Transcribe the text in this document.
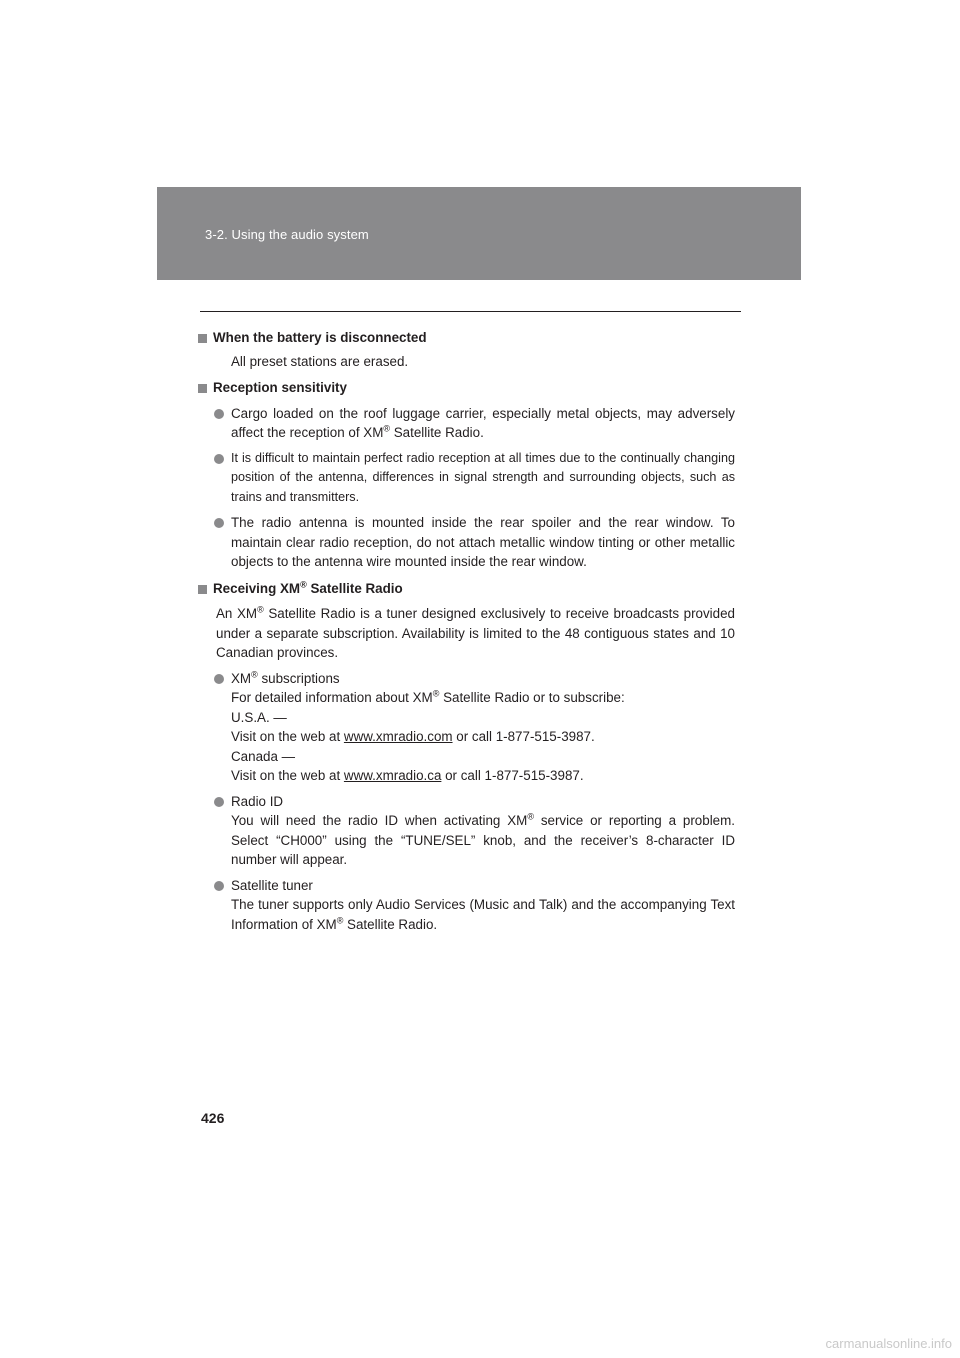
3-2. Using the audio system

When the battery is disconnected

All preset stations are erased.

Reception sensitivity

Cargo loaded on the roof luggage carrier, especially metal objects, may adversely affect the reception of XM® Satellite Radio.
It is difficult to maintain perfect radio reception at all times due to the continually changing position of the antenna, differences in signal strength and surrounding objects, such as trains and transmitters.
The radio antenna is mounted inside the rear spoiler and the rear window. To maintain clear radio reception, do not attach metallic window tinting or other metallic objects to the antenna wire mounted inside the rear window.

Receiving XM® Satellite Radio

An XM® Satellite Radio is a tuner designed exclusively to receive broadcasts provided under a separate subscription. Availability is limited to the 48 contiguous states and 10 Canadian provinces.

XM® subscriptions
For detailed information about XM® Satellite Radio or to subscribe:
U.S.A. —
Visit on the web at www.xmradio.com or call 1-877-515-3987.
Canada —
Visit on the web at www.xmradio.ca or call 1-877-515-3987.
Radio ID
You will need the radio ID when activating XM® service or reporting a problem. Select “CH000” using the “TUNE/SEL” knob, and the receiver’s 8-character ID number will appear.
Satellite tuner
The tuner supports only Audio Services (Music and Talk) and the accompanying Text Information of XM® Satellite Radio.
426
carmanualsonline.info
